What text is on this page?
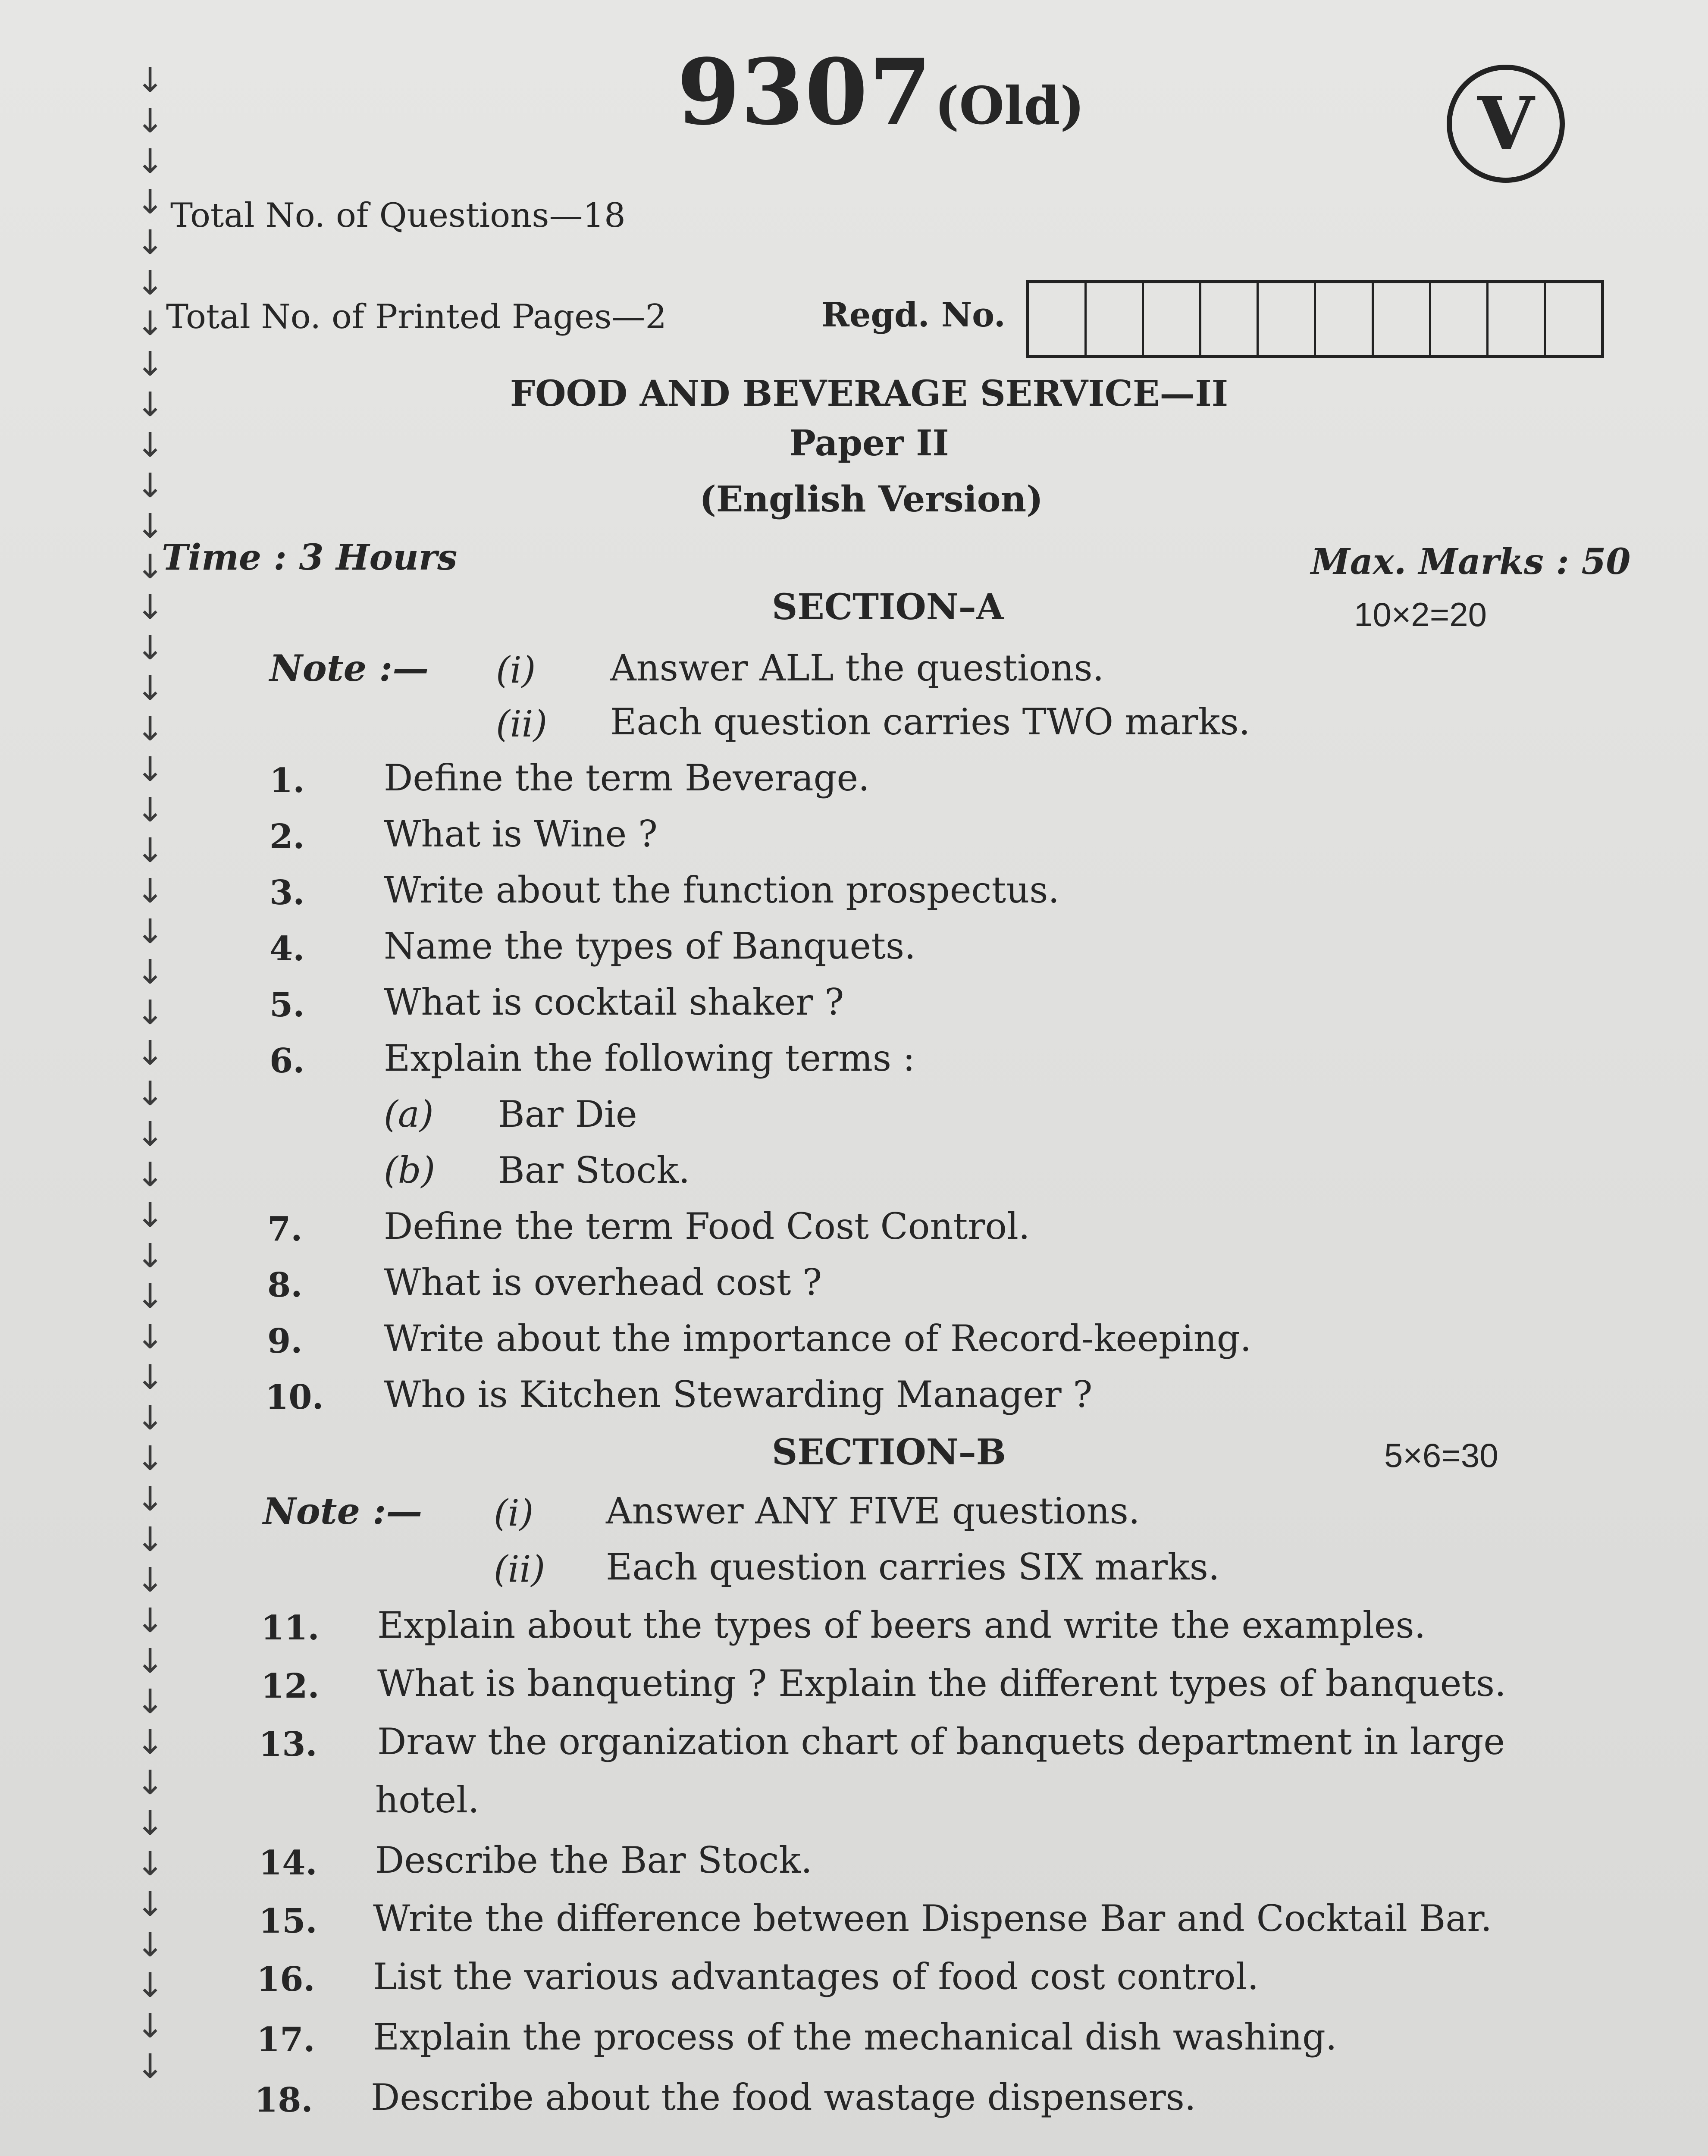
↓
↓
↓
↓
↓
↓
↓
↓
↓
↓
↓
↓
↓
↓
↓
↓
↓
↓
↓
↓
↓
↓
↓
↓
↓
↓
↓
↓
↓
↓
↓
↓
↓
↓
↓
↓
↓
↓
↓
↓
↓
↓
↓
↓
↓
↓
↓
↓
↓
↓
9307 (Old)	V
Total No. of Questions—18
Total No. of Printed Pages—2	Regd. No.
FOOD AND BEVERAGE SERVICE—II
Paper II
(English Version)
Time : 3 Hours	Max. Marks : 50
SECTION–A	10×2=20
Note :— (i) Answer ALL the questions.
(ii) Each question carries TWO marks.
1. Define the term Beverage.
2. What is Wine ?
3. Write about the function prospectus.
4. Name the types of Banquets.
5. What is cocktail shaker ?
6. Explain the following terms :
(a) Bar Die
(b) Bar Stock.
7. Define the term Food Cost Control.
8. What is overhead cost ?
9. Write about the importance of Record-keeping.
10. Who is Kitchen Stewarding Manager ?
SECTION–B	5×6=30
Note :— (i) Answer ANY FIVE questions.
(ii) Each question carries SIX marks.
11. Explain about the types of beers and write the examples.
12. What is banqueting ? Explain the different types of banquets.
13. Draw the organization chart of banquets department in large
hotel.
14. Describe the Bar Stock.
15. Write the difference between Dispense Bar and Cocktail Bar.
16. List the various advantages of food cost control.
17. Explain the process of the mechanical dish washing.
18. Describe about the food wastage dispensers.
